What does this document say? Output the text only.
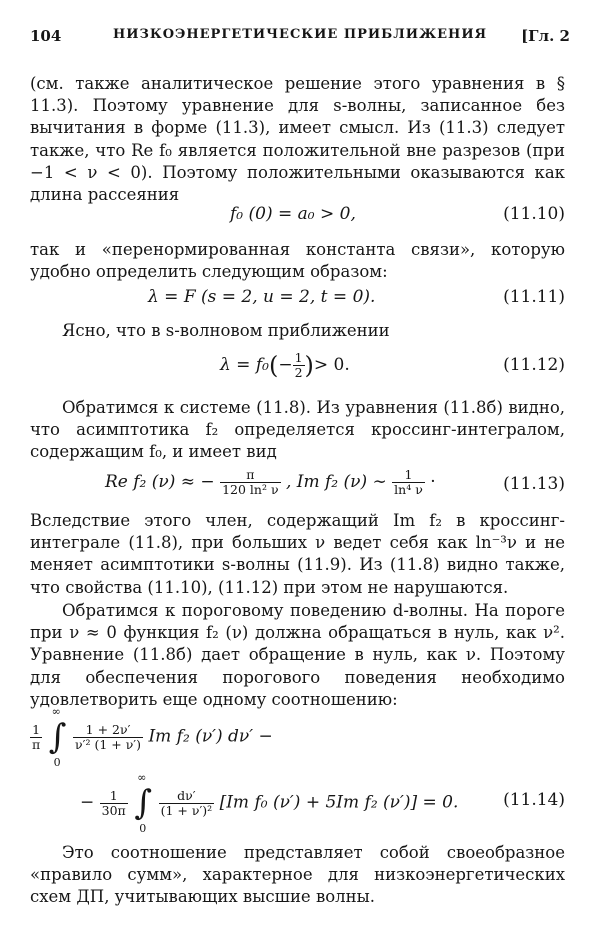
104	НИЗКОЭНЕРГЕТИЧЕСКИЕ ПРИБЛИЖЕНИЯ	[Гл. 2
(см. также аналитическое решение этого уравнения в § 11.3). Поэтому уравнение для s-волны, записанное без вычитания в форме (11.3), имеет смысл. Из (11.3) следует также, что Re f₀ является положительной вне разрезов (при −1 < ν < 0). Поэтому положительными оказываются как длина рассеяния
f₀ (0) = a₀ > 0,	(11.10)
так и «перенормированная константа связи», которую удобно определить следующим образом:
λ = F (s = 2, u = 2, t = 0).	(11.11)
Ясно, что в s-волновом приближении
$\lambda = f_0(- \frac{1}{2}$ )> 0.	(11.12)
Обратимся к системе (11.8). Из уравнения (11.8б) видно, что асимптотика f₂ определяется кроссинг-интегралом, содержащим f₀, и имеет вид
Re f₂ (ν) ≈ − $\frac{\pi}{\text{120 ln² ν}}$ , Im f₂ (ν) ∼ $\frac{1}{\text{ln⁴ ν}}$ ·	(11.13)
Вследствие этого член, содержащий Im f₂ в кроссинг-интеграле (11.8), при больших ν ведет себя как ln⁻³ν и не меняет асимптотики s-волны (11.9). Из (11.8) видно также, что свойства (11.10), (11.12) при этом не нарушаются.
Обратимся к пороговому поведению d-волны. На пороге при ν ≈ 0 функция f₂ (ν) должна обращаться в нуль, как ν². Уравнение (11.8б) дает обращение в нуль, как ν. Поэтому для обеспечения порогового поведения необходимо удовлетворить еще одному соотношению:
$\frac{1}{\pi}$ ∫
∞
0

$\frac{1 + 2\nu'}{\text{ν′² (1 + ν′)}}$ Im f₂ (ν′) dν′ −
− $\frac{1}{30\pi}$ ∫
∞
0

$\frac{d\nu'}{\text{(1 + ν′)²}} [Im$ f₀ (ν′) + 5Im f₂ (ν′)] = 0.	(11.14)
Это соотношение представляет собой своеобразное «правило сумм», характерное для низкоэнергетических схем ДП, учитывающих высшие волны.
